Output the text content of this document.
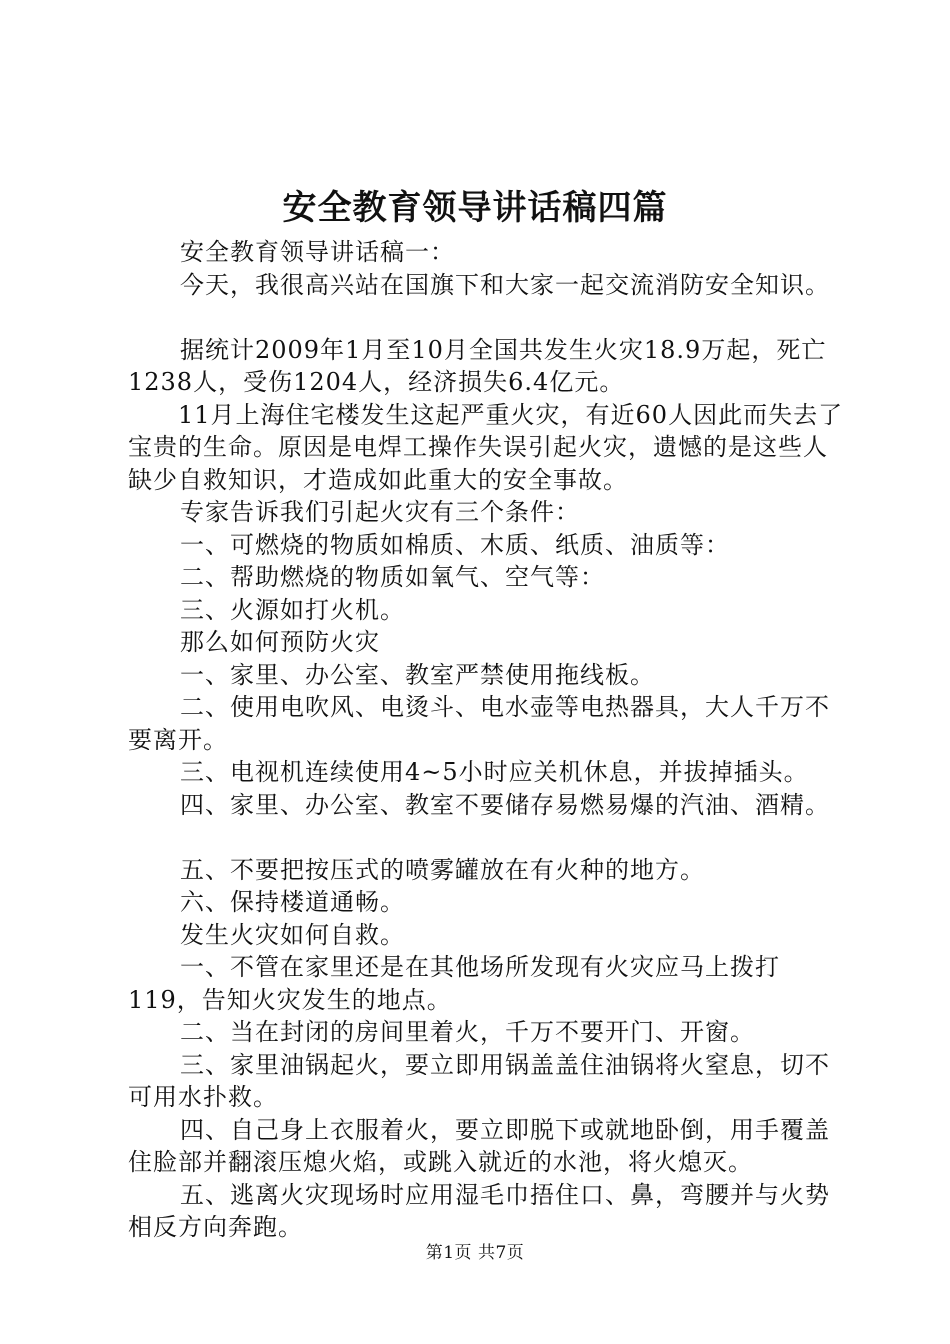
安全教育领导讲话稿四篇

安全教育领导讲话稿一：

今天，我很高兴站在国旗下和大家一起交流消防安全知识。

据统计2009年1月至10月全国共发生火灾18.9万起，死亡1238人，受伤1204人，经济损失6.4亿元。

11月上海住宅楼发生这起严重火灾，有近60人因此而失去了宝贵的生命。原因是电焊工操作失误引起火灾，遗憾的是这些人缺少自救知识，才造成如此重大的安全事故。

专家告诉我们引起火灾有三个条件：

一、可燃烧的物质如棉质、木质、纸质、油质等：

二、帮助燃烧的物质如氧气、空气等：

三、火源如打火机。

那么如何预防火灾

一、家里、办公室、教室严禁使用拖线板。

二、使用电吹风、电烫斗、电水壶等电热器具，大人千万不要离开。

三、电视机连续使用4~5小时应关机休息，并拔掉插头。

四、家里、办公室、教室不要储存易燃易爆的汽油、酒精。

五、不要把按压式的喷雾罐放在有火种的地方。

六、保持楼道通畅。

发生火灾如何自救。

一、不管在家里还是在其他场所发现有火灾应马上拨打119，告知火灾发生的地点。

二、当在封闭的房间里着火，千万不要开门、开窗。

三、家里油锅起火，要立即用锅盖盖住油锅将火窒息，切不可用水扑救。

四、自己身上衣服着火，要立即脱下或就地卧倒，用手覆盖住脸部并翻滚压熄火焰，或跳入就近的水池，将火熄灭。

五、逃离火灾现场时应用湿毛巾捂住口、鼻，弯腰并与火势相反方向奔跑。

第1页 共7页
